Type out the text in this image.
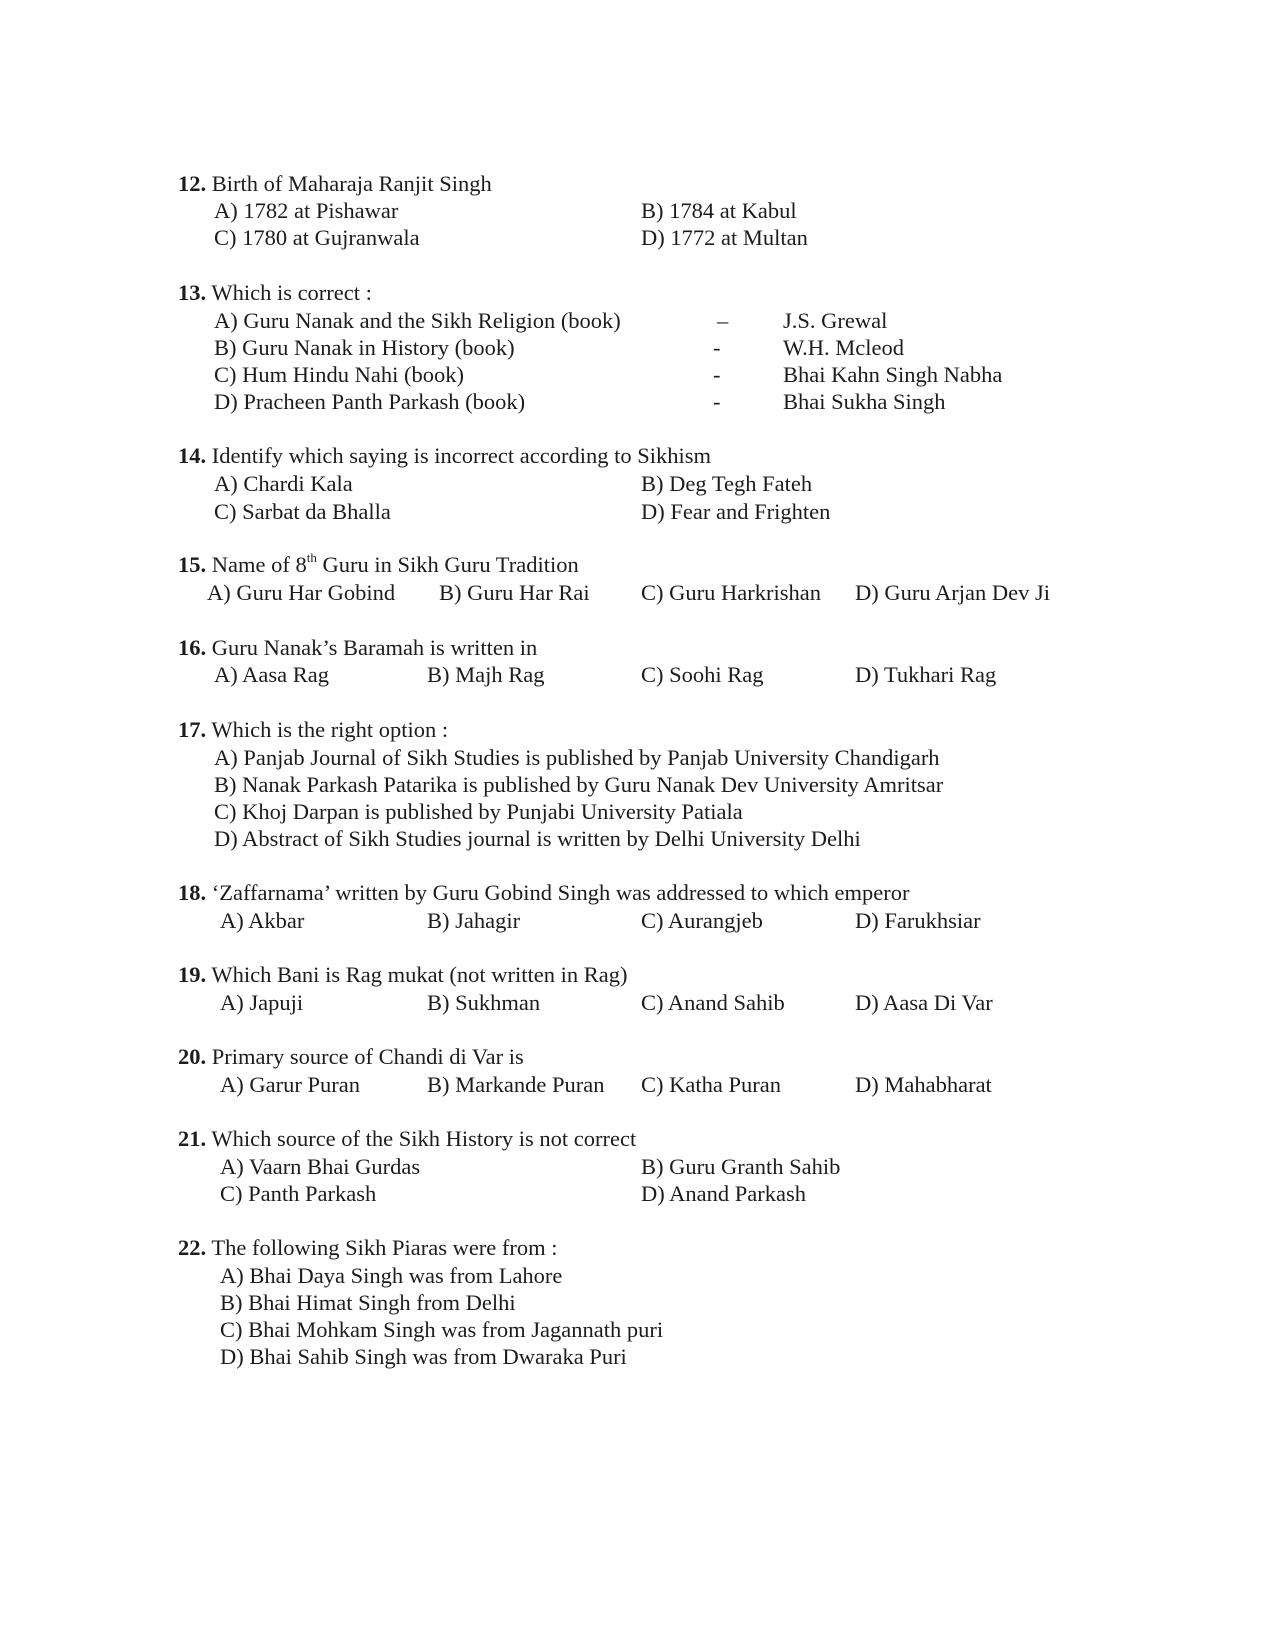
12. Birth of Maharaja Ranjit Singh
A) 1782 at Pishawar	B) 1784 at Kabul
C) 1780 at Gujranwala	D) 1772 at Multan
13. Which is correct :
A) Guru Nanak and the Sikh Religion (book)	– J.S. Grewal
B) Guru Nanak in History (book)	-	W.H. Mcleod
C) Hum Hindu Nahi (book)	-	Bhai Kahn Singh Nabha
D) Pracheen Panth Parkash (book)	-	Bhai Sukha Singh
14. Identify which saying is incorrect according to Sikhism
A) Chardi Kala	B) Deg Tegh Fateh
C) Sarbat da Bhalla	D) Fear and Frighten
15. Name of 8th Guru in Sikh Guru Tradition
A) Guru Har Gobind B) Guru Har Rai C) Guru Harkrishan D) Guru Arjan Dev Ji
16. Guru Nanak’s Baramah is written in
A) Aasa Rag	B) Majh Rag	C) Soohi Rag	D) Tukhari Rag
17. Which is the right option :
A) Panjab Journal of Sikh Studies is published by Panjab University Chandigarh
B) Nanak Parkash Patarika is published by Guru Nanak Dev University Amritsar
C) Khoj Darpan is published by Punjabi University Patiala
D) Abstract of Sikh Studies journal is written by Delhi University Delhi
18. ‘Zaffarnama’ written by Guru Gobind Singh was addressed to which emperor
A) Akbar	B) Jahagir	C) Aurangjeb	D) Farukhsiar
19. Which Bani is Rag mukat (not written in Rag)
A) Japuji	B) Sukhman	C) Anand Sahib	D) Aasa Di Var
20. Primary source of Chandi di Var is
A) Garur Puran	B) Markande Puran C) Katha Puran	D) Mahabharat
21. Which source of the Sikh History is not correct
A) Vaarn Bhai Gurdas	B) Guru Granth Sahib
C) Panth Parkash	D) Anand Parkash
22. The following Sikh Piaras were from :
A) Bhai Daya Singh was from Lahore
B) Bhai Himat Singh from Delhi
C) Bhai Mohkam Singh was from Jagannath puri
D) Bhai Sahib Singh was from Dwaraka Puri
